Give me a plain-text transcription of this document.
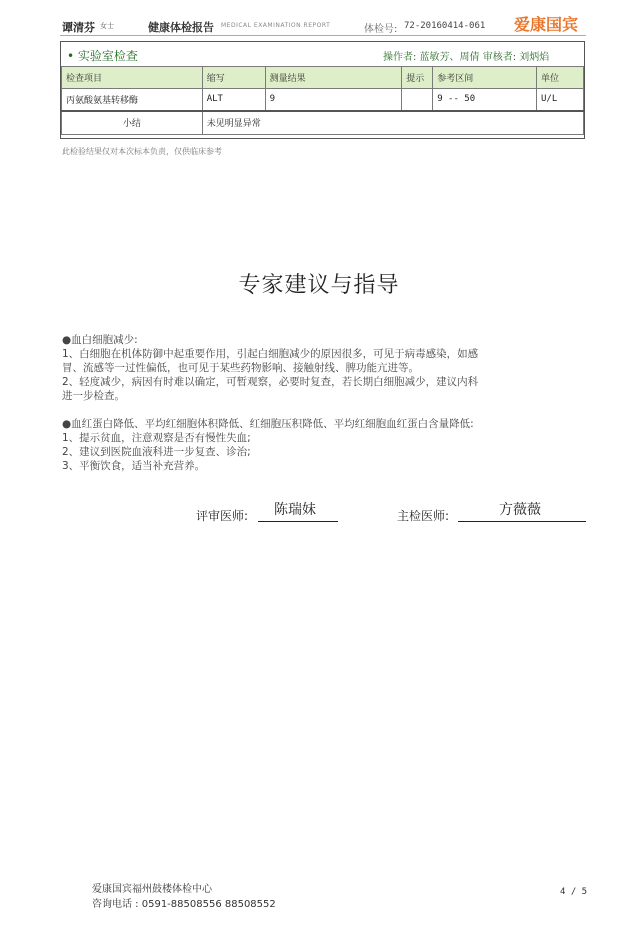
谭清芬 女士	健康体检报告 MEDICAL EXAMINATION REPORT	体检号: 72-20160414-061 爱康国宾
• 实验室检查	操作者: 蓝敏芳、周倩 审核者: 刘炳焰
检查项目	缩写	测量结果	提示	参考区间	单位
丙氨酸氨基转移酶	ALT	9		9 -- 50	U/L
小结	未见明显异常				
此检验结果仅对本次标本负责，仅供临床参考
专家建议与指导

●血白细胞减少:

1、白细胞在机体防御中起重要作用，引起白细胞减少的原因很多，可见于病毒感染，如感

冒、流感等一过性偏低，也可见于某些药物影响、接触射线、脾功能亢进等。

2、轻度减少，病因有时难以确定，可暂观察，必要时复查，若长期白细胞减少，建议内科

进一步检查。

●血红蛋白降低、平均红细胞体积降低、红细胞压积降低、平均红细胞血红蛋白含量降低:

1、提示贫血，注意观察是否有慢性失血;

2、建议到医院血液科进一步复查、诊治;

3、平衡饮食，适当补充营养。

评审医师: 陈瑞妹	主检医师:	方薇薇
爱康国宾福州鼓楼体检中心
咨询电话 : 0591-88508556 88508552
4 / 5
